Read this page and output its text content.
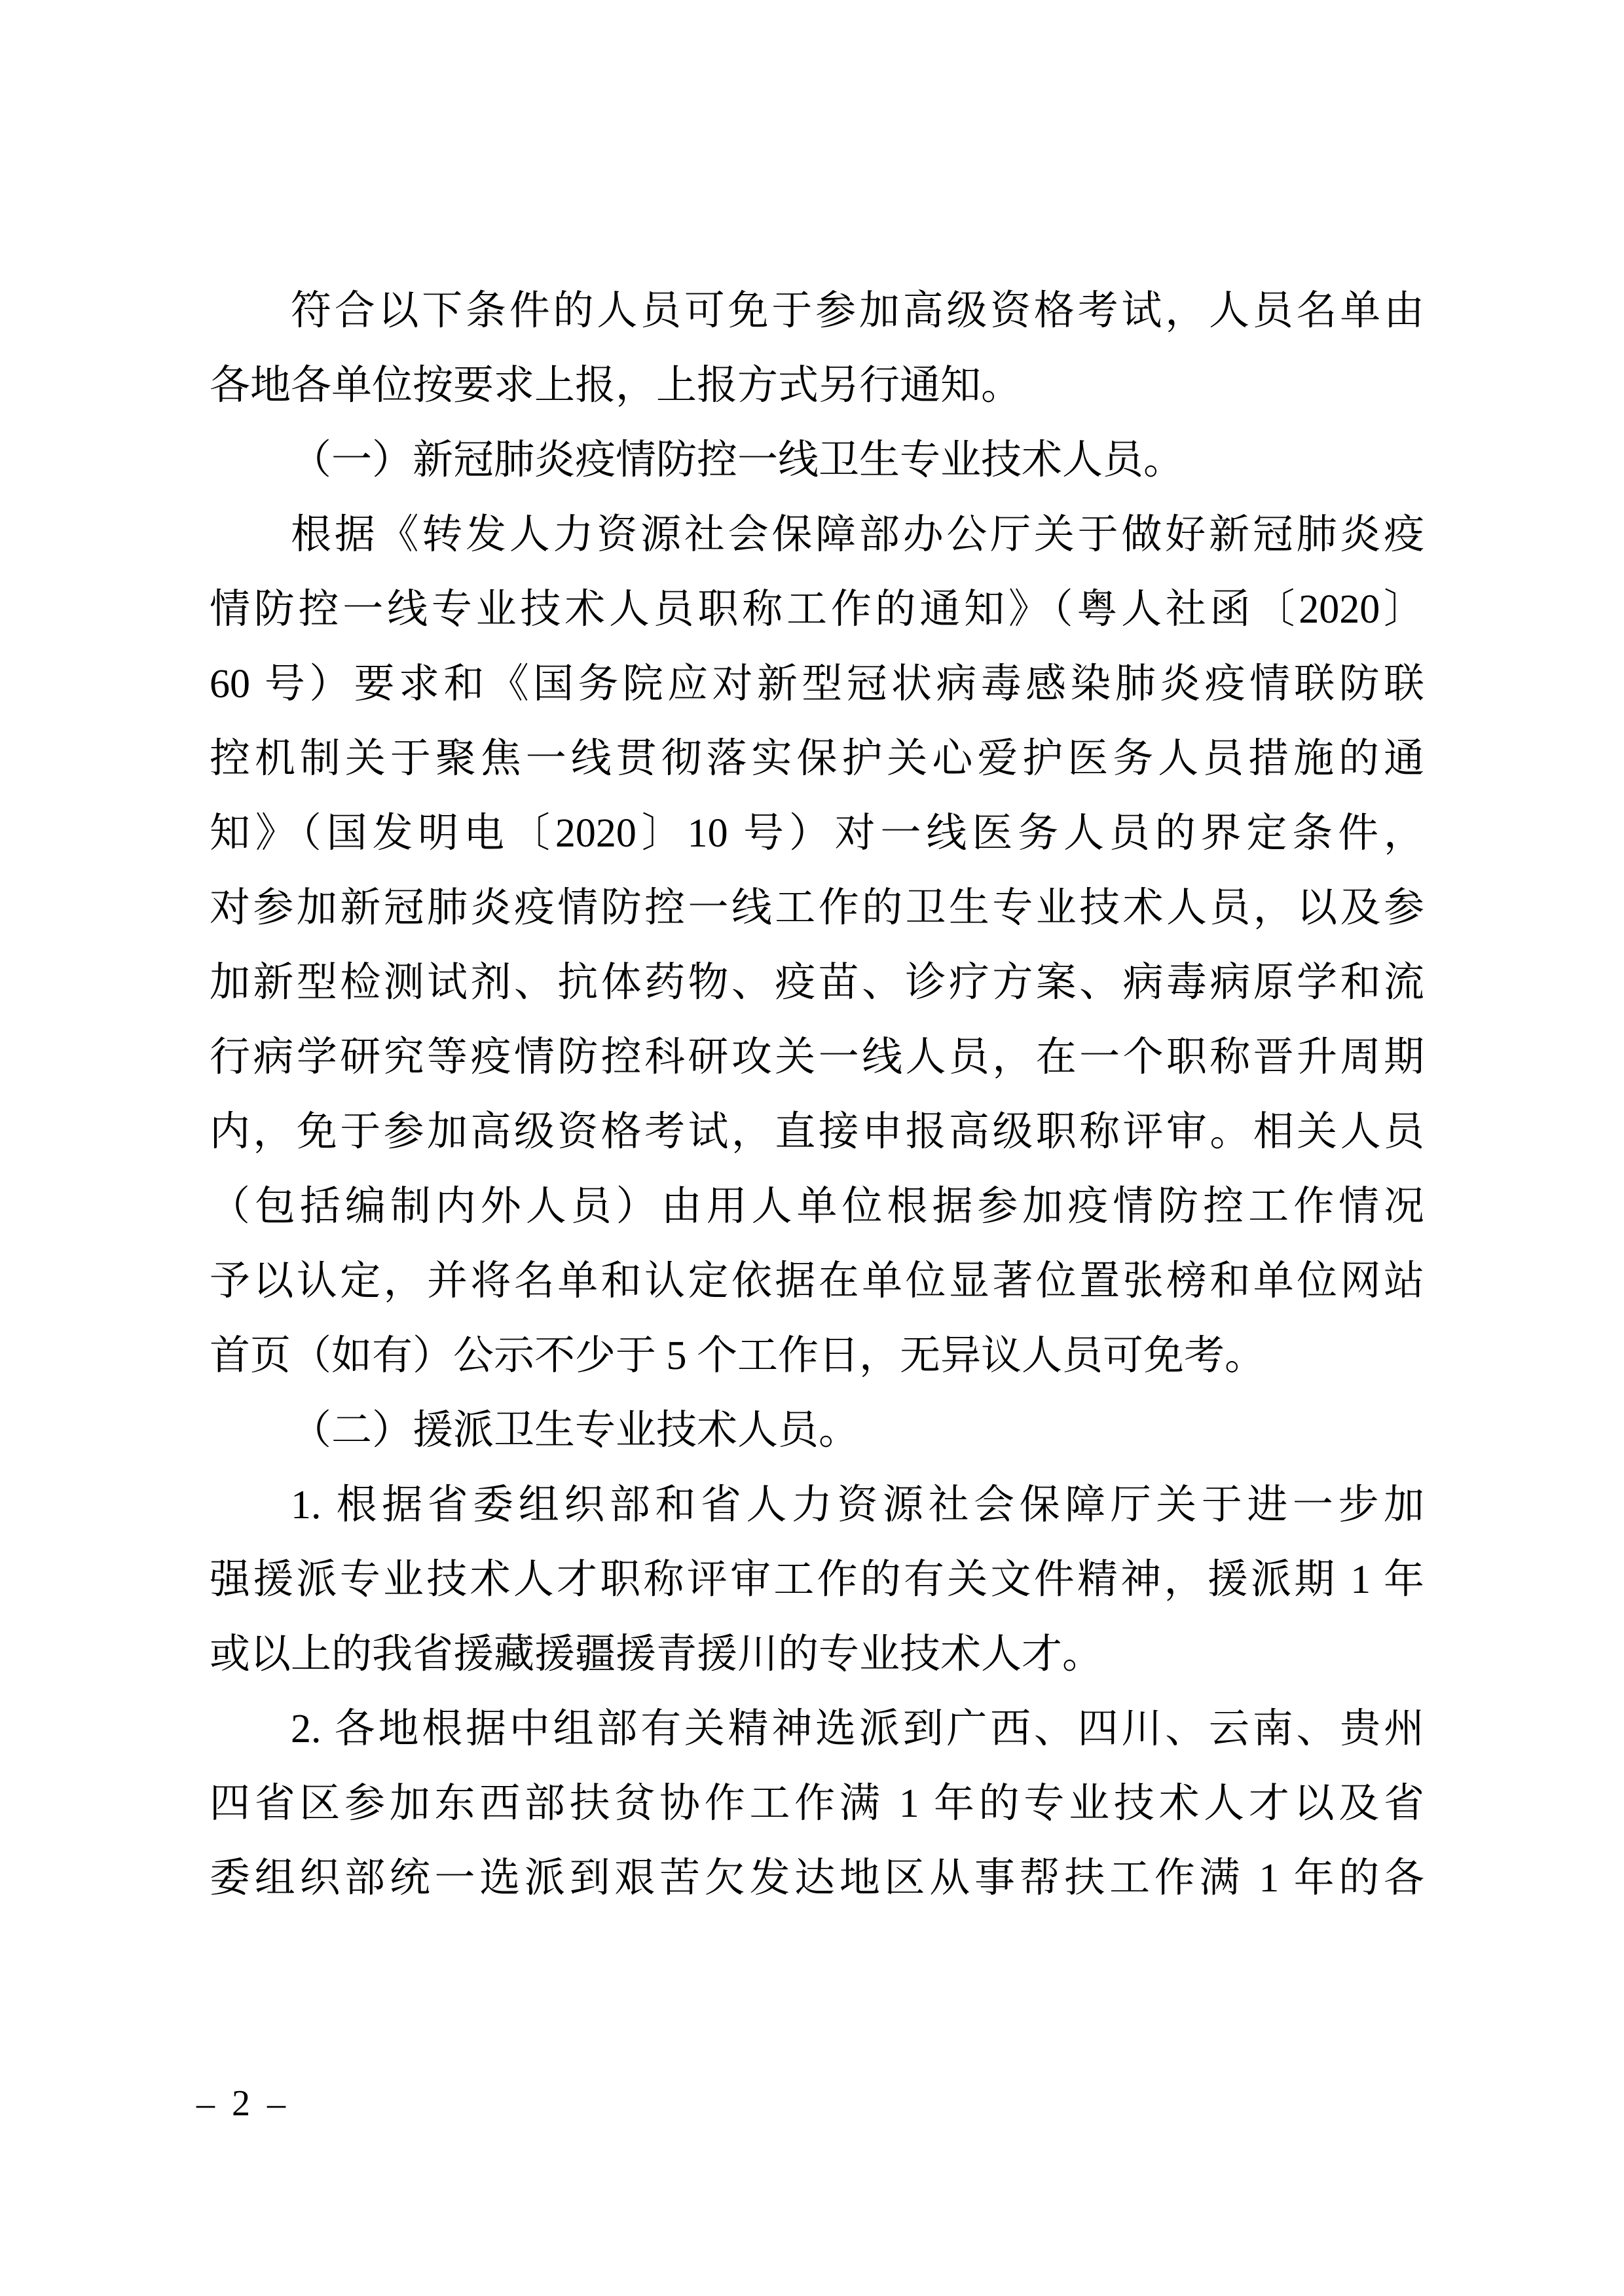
符合以下条件的人员可免于参加高级资格考试，人员名单由
各地各单位按要求上报，上报方式另行通知。
（一）新冠肺炎疫情防控一线卫生专业技术人员。
根据《转发人力资源社会保障部办公厅关于做好新冠肺炎疫
情防控一线专业技术人员职称工作的通知》（粤人社函〔2020〕
60 号）要求和《国务院应对新型冠状病毒感染肺炎疫情联防联
控机制关于聚焦一线贯彻落实保护关心爱护医务人员措施的通
知》（国发明电〔2020〕10 号）对一线医务人员的界定条件，
对参加新冠肺炎疫情防控一线工作的卫生专业技术人员，以及参
加新型检测试剂、抗体药物、疫苗、诊疗方案、病毒病原学和流
行病学研究等疫情防控科研攻关一线人员，在一个职称晋升周期
内，免于参加高级资格考试，直接申报高级职称评审。相关人员
（包括编制内外人员）由用人单位根据参加疫情防控工作情况
予以认定，并将名单和认定依据在单位显著位置张榜和单位网站
首页（如有）公示不少于 5 个工作日，无异议人员可免考。
（二）援派卫生专业技术人员。
1. 根据省委组织部和省人力资源社会保障厅关于进一步加
强援派专业技术人才职称评审工作的有关文件精神，援派期 1 年
或以上的我省援藏援疆援青援川的专业技术人才。
2. 各地根据中组部有关精神选派到广西、四川、云南、贵州
四省区参加东西部扶贫协作工作满 1 年的专业技术人才以及省
委组织部统一选派到艰苦欠发达地区从事帮扶工作满 1 年的各
– 2 –
